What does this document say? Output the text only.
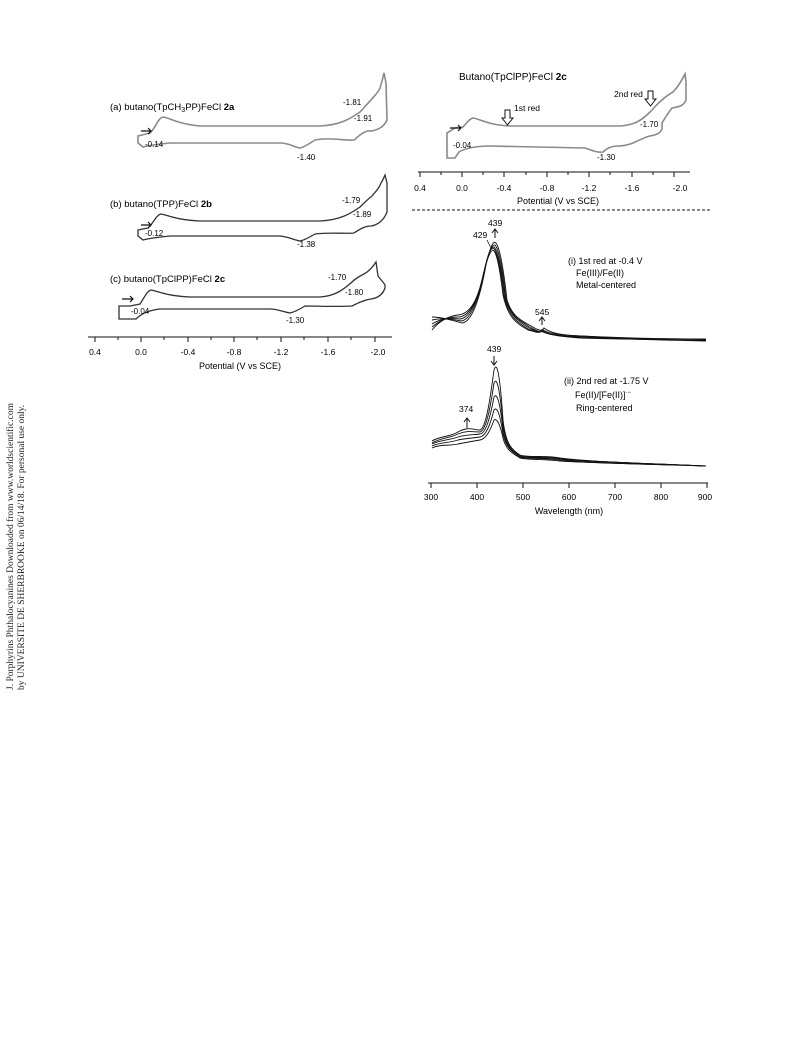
(a) butano(TpCH$_3$PP)FeCl 2a
-0.14
-1.40
-1.81
-1.91
(b) butano(TPP)FeCl 2b
-0.12
-1.38
-1.79
-1.89
(c) butano(TpClPP)FeCl 2c
-0.04
-1.30
-1.70
-1.80
0.4	0.0	-0.4	-0.8	-1.2	-1.6	-2.0
Potential (V vs SCE)
Butano(TpClPP)FeCl 2c
1st red
2nd red
-0.04
-1.30
-1.70
0.4	0.0	-0.4	-0.8	-1.2	-1.6	-2.0
Potential (V vs SCE)
429
439
545
(i) 1st red at -0.4 V
Fe(III)/Fe(II)
Metal-centered
374
439
(ii) 2nd red at -1.75 V
Fe(II)/[Fe(II)]·−
Ring-centered
300	400	500	600	700	800	900
Wavelength (nm)
J. Porphyrins Phthalocyanines Downloaded from www.worldscientific.com by UNIVERSITE DE SHERBROOKE on 06/14/18. For personal use only.
